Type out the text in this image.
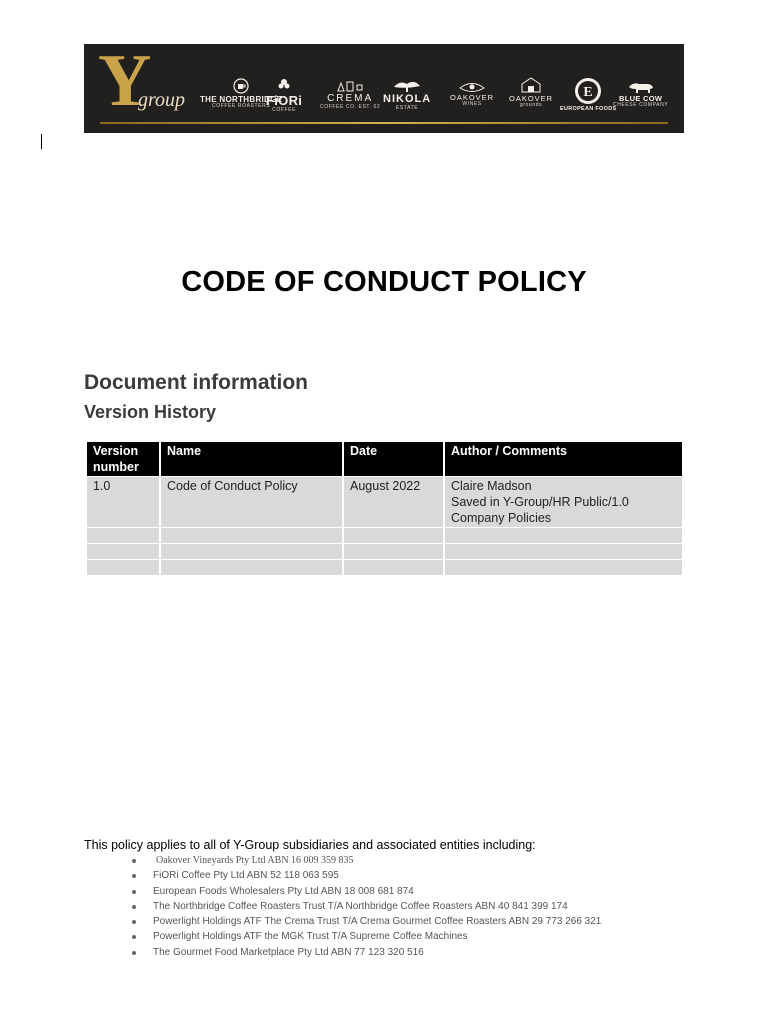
Y
group THE NORTHBRIDGE
COFFEE ROASTERS
FiORi
COFFEE
CREMA
COFFEE CO. EST. 02
NIKOLA
ESTATE
OAKOVER
WINES
OAKOVER
grounds
E
EUROPEAN FOODS
BLUE COW
CHEESE COMPANY
CODE OF CONDUCT POLICY
Document information
Version History
Version number	Name	Date	Author / Comments
1.0	Code of Conduct Policy	August 2022	Claire Madson
Saved in Y-Group/HR Public/1.0
Company Policies

This policy applies to all of Y-Group subsidiaries and associated entities including:
Oakover Vineyards Pty Ltd ABN 16 009 359 835
FiORi Coffee Pty Ltd ABN 52 118 063 595
European Foods Wholesalers Pty Ltd ABN 18 008 681 874
The Northbridge Coffee Roasters Trust T/A Northbridge Coffee Roasters ABN 40 841 399 174
Powerlight Holdings ATF The Crema Trust T/A Crema Gourmet Coffee Roasters ABN 29 773 266 321
Powerlight Holdings ATF the MGK Trust T/A Supreme Coffee Machines
The Gourmet Food Marketplace Pty Ltd ABN 77 123 320 516
